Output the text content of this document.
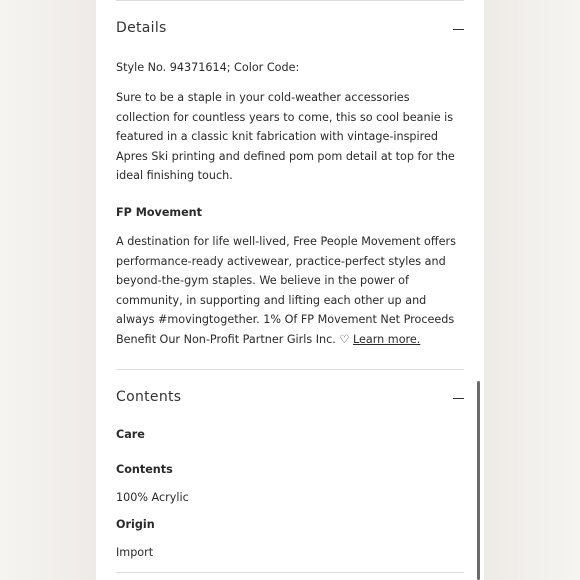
Details
Style No. 94371614; Color Code:
Sure to be a staple in your cold-weather accessories
collection for countless years to come, this so cool beanie is
featured in a classic knit fabrication with vintage-inspired
Apres Ski printing and defined pom pom detail at top for the
ideal finishing touch.
FP Movement
A destination for life well-lived, Free People Movement offers
performance-ready activewear, practice-perfect styles and
beyond-the-gym staples. We believe in the power of
community, in supporting and lifting each other up and
always #movingtogether. 1% Of FP Movement Net Proceeds
Benefit Our Non-Profit Partner Girls Inc. ♡ Learn more.
Contents
Care
Contents
100% Acrylic
Origin
Import
